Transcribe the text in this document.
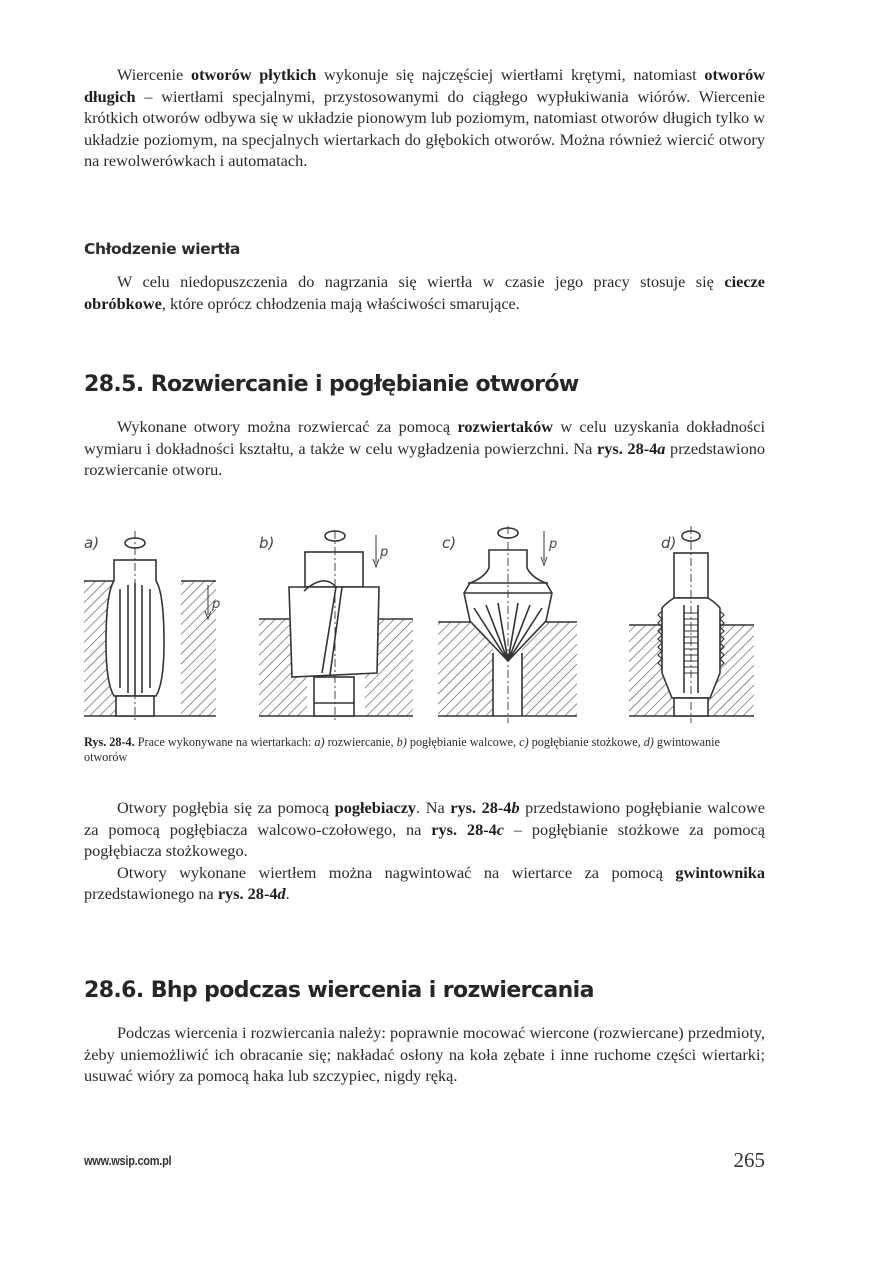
Wiercenie otworów płytkich wykonuje się najczęściej wiertłami krętymi, natomiast otworów długich – wiertłami specjalnymi, przystosowanymi do ciągłego wypłukiwania wiórów. Wiercenie krótkich otworów odbywa się w układzie pionowym lub poziomym, natomiast otworów długich tylko w układzie poziomym, na specjalnych wiertarkach do głębokich otworów. Można również wiercić otwory na rewolwerówkach i automatach.

Chłodzenie wiertła

W celu niedopuszczenia do nagrzania się wiertła w czasie jego pracy stosuje się ciecze obróbkowe, które oprócz chłodzenia mają właściwości smarujące.

28.5. Rozwiercanie i pogłębianie otworów

Wykonane otwory można rozwiercać za pomocą rozwiertaków w celu uzyskania dokładności wymiaru i dokładności kształtu, a także w celu wygładzenia powierzchni. Na rys. 28-4a przedstawiono rozwiercanie otworu.

a)
p
b)
p
c)	p	d)

Rys. 28-4. Prace wykonywane na wiertarkach: a) rozwiercanie, b) pogłębianie walcowe, c) pogłębianie stożkowe, d) gwintowanie otworów

Otwory pogłębia się za pomocą pogłebiaczy. Na rys. 28-4b przedstawiono pogłębianie walcowe za pomocą pogłębiacza walcowo-czołowego, na rys. 28-4c – pogłębianie stożkowe za pomocą pogłębiacza stożkowego.

Otwory wykonane wiertłem można nagwintować na wiertarce za pomocą gwintownika przedstawionego na rys. 28-4d.

28.6. Bhp podczas wiercenia i rozwiercania

Podczas wiercenia i rozwiercania należy: poprawnie mocować wiercone (rozwiercane) przedmioty, żeby uniemożliwić ich obracanie się; nakładać osłony na koła zębate i inne ruchome części wiertarki; usuwać wióry za pomocą haka lub szczypiec, nigdy ręką.

www.wsip.com.pl	265
